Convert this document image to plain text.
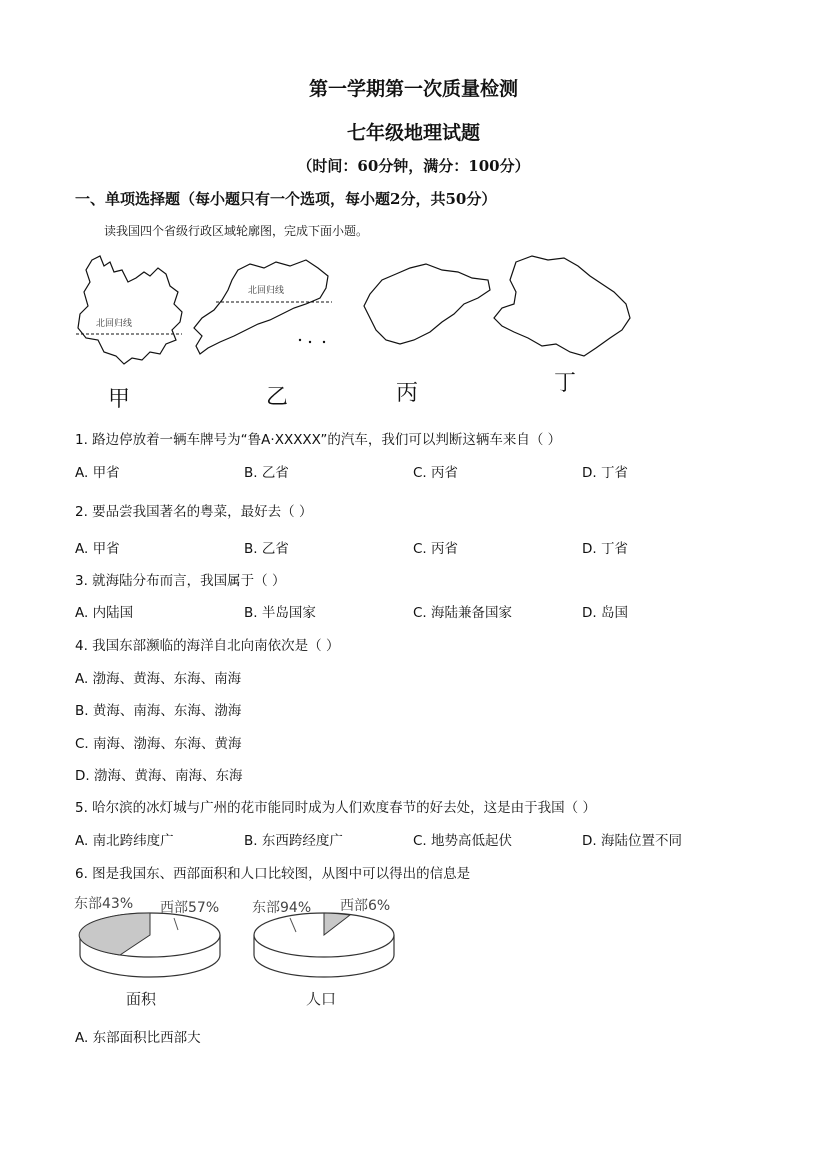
第一学期第一次质量检测
七年级地理试题
（时间：60分钟，满分：100分）
一、单项选择题（每小题只有一个选项，每小题2分，共50分）
读我国四个省级行政区域轮廓图，完成下面小题。
北回归线
北回归线
甲	乙	丙	丁
1. 路边停放着一辆车牌号为“鲁A·XXXXX”的汽车，我们可以判断这辆车来自（ ）
A. 甲省	B. 乙省	C. 丙省	D. 丁省
2. 要品尝我国著名的粤菜，最好去（ ）
A. 甲省	B. 乙省	C. 丙省	D. 丁省
3. 就海陆分布而言，我国属于（ ）
A. 内陆国	B. 半岛国家	C. 海陆兼备国家	D. 岛国
4. 我国东部濒临的海洋自北向南依次是（ ）
A. 渤海、黄海、东海、南海
B. 黄海、南海、东海、渤海
C. 南海、渤海、东海、黄海
D. 渤海、黄海、南海、东海
5. 哈尔滨的冰灯城与广州的花市能同时成为人们欢度春节的好去处，这是由于我国（ ）
A. 南北跨纬度广	B. 东西跨经度广	C. 地势高低起伏	D. 海陆位置不同
6. 图是我国东、西部面积和人口比较图，从图中可以得出的信息是
东部43% 西部57%
面积
东部94% 西部6%
人口
A. 东部面积比西部大
